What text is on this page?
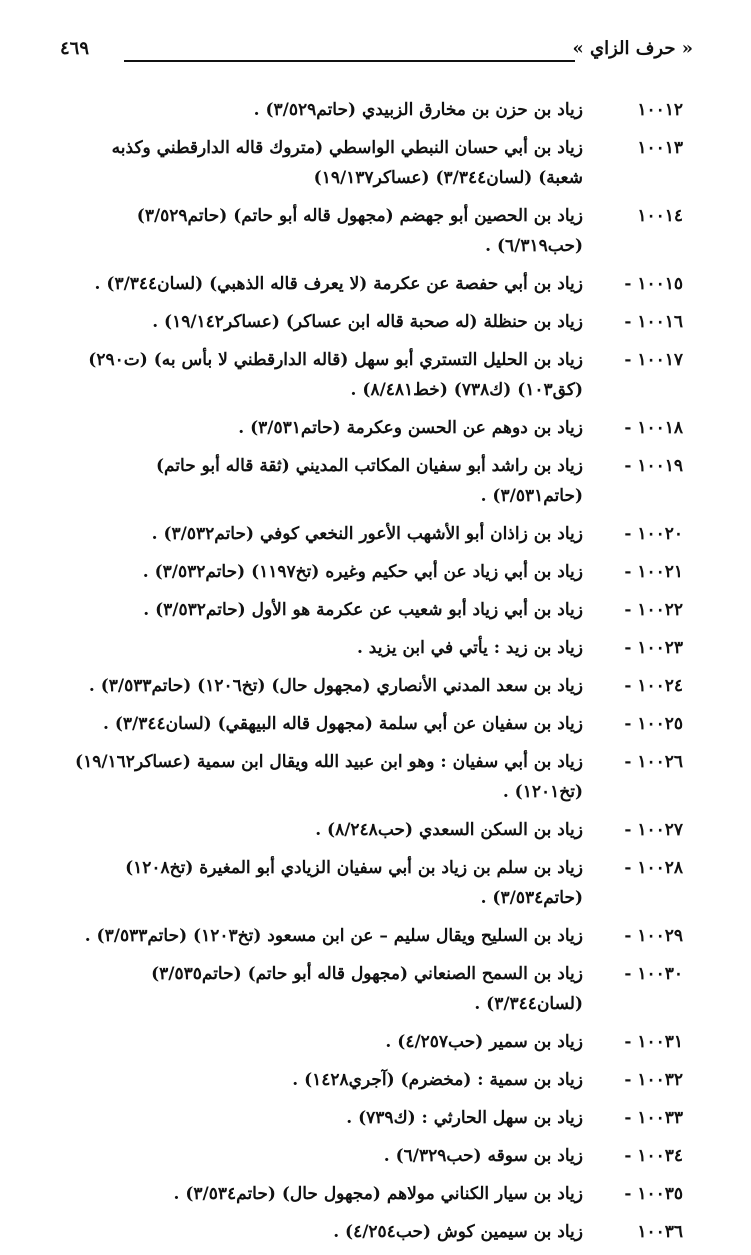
« حرف الزاي »
٤٦٩
١٠٠١٢
زياد بن حزن بن مخارق الزبيدي (حاتم٣/٥٢٩) .
١٠٠١٣
زياد بن أبي حسان النبطي الواسطي (متروك قاله الدارقطني وكذبه شعبة) (لسان٣/٣٤٤) (عساكر١٩/١٣٧)
١٠٠١٤
زياد بن الحصين أبو جهضم (مجهول قاله أبو حاتم) (حاتم٣/٥٢٩) (حب٦/٣١٩) .
١٠٠١٥ -
زياد بن أبي حفصة عن عكرمة (لا يعرف قاله الذهبي) (لسان٣/٣٤٤) .
١٠٠١٦ -
زياد بن حنظلة (له صحبة قاله ابن عساكر) (عساكر١٩/١٤٢) .
١٠٠١٧ -
زياد بن الحليل التستري أبو سهل (قاله الدارقطني لا بأس به) (ت٢٩٠) (كق١٠٣) (ك٧٣٨) (خط٨/٤٨١) .
١٠٠١٨ -
زياد بن دوهم عن الحسن وعكرمة (حاتم٣/٥٣١) .
١٠٠١٩ -
زياد بن راشد أبو سفيان المكاتب المديني (ثقة قاله أبو حاتم) (حاتم٣/٥٣١) .
١٠٠٢٠ -
زياد بن زاذان أبو الأشهب الأعور النخعي كوفي (حاتم٣/٥٣٢) .
١٠٠٢١ -
زياد بن أبي زياد عن أبي حكيم وغيره (تخ١١٩٧) (حاتم٣/٥٣٢) .
١٠٠٢٢ -
زياد بن أبي زياد أبو شعيب عن عكرمة هو الأول (حاتم٣/٥٣٢) .
١٠٠٢٣ -
زياد بن زيد : يأتي في ابن يزيد .
١٠٠٢٤ -
زياد بن سعد المدني الأنصاري (مجهول حال) (تخ١٢٠٦) (حاتم٣/٥٣٣) .
١٠٠٢٥ -
زياد بن سفيان عن أبي سلمة (مجهول قاله البيهقي) (لسان٣/٣٤٤) .
١٠٠٢٦ -
زياد بن أبي سفيان : وهو ابن عبيد الله ويقال ابن سمية (عساكر١٩/١٦٢) (تخ١٢٠١) .
١٠٠٢٧ -
زياد بن السكن السعدي (حب٨/٢٤٨) .
١٠٠٢٨ -
زياد بن سلم بن زياد بن أبي سفيان الزيادي أبو المغيرة (تخ١٢٠٨) (حاتم٣/٥٣٤) .
١٠٠٢٩ -
زياد بن السليح ويقال سليم – عن ابن مسعود (تخ١٢٠٣) (حاتم٣/٥٣٣) .
١٠٠٣٠ -
زياد بن السمح الصنعاني (مجهول قاله أبو حاتم) (حاتم٣/٥٣٥) (لسان٣/٣٤٤) .
١٠٠٣١ -
زياد بن سمير (حب٤/٢٥٧) .
١٠٠٣٢ -
زياد بن سمية : (مخضرم) (آجري١٤٢٨) .
١٠٠٣٣ -
زياد بن سهل الحارثي : (ك٧٣٩) .
١٠٠٣٤ -
زياد بن سوقه (حب٦/٣٢٩) .
١٠٠٣٥ -
زياد بن سيار الكناني مولاهم (مجهول حال) (حاتم٣/٥٣٤) .
١٠٠٣٦
زياد بن سيمين كوش (حب٤/٢٥٤) .
